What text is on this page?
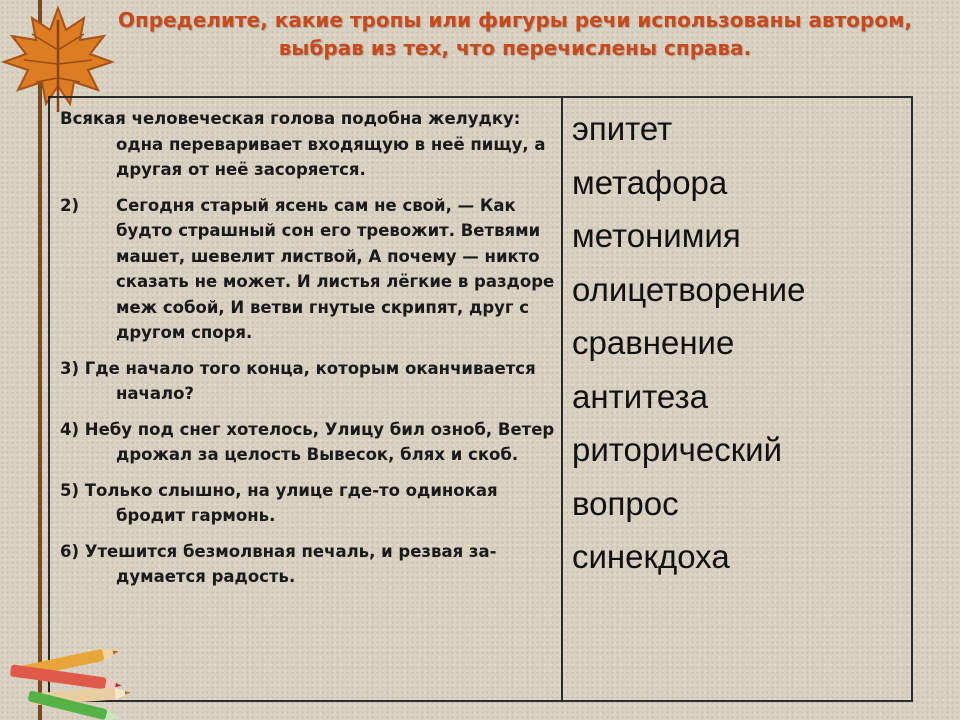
Определите, какие тропы или фигуры речи использованы автором,
выбрав из тех, что перечислены справа.
Всякая человеческая голова подобна желудку: одна переваривает входящую в неё пищу, а другая от неё засоряется.
2)	Сегодня старый ясень сам не свой, — Как будто страшный сон его тревожит. Ветвями машет, шевелит листвой, А почему — никто сказать не может. И листья лёгкие в раздоре меж собой, И ветви гнутые скрипят, друг с другом споря.
3) Где начало того конца, которым оканчивается начало?
4) Небу под снег хотелось, Улицу бил озноб, Ветер дрожал за целость Вывесок, блях и скоб.
5) Только слышно, на улице где-то одинокая бродит гармонь.
6) Утешится безмолвная печаль, и резвая за-думается радость.
эпитет
метафора
метонимия
олицетворение
сравнение
антитеза
риторический
вопрос
синекдоха
